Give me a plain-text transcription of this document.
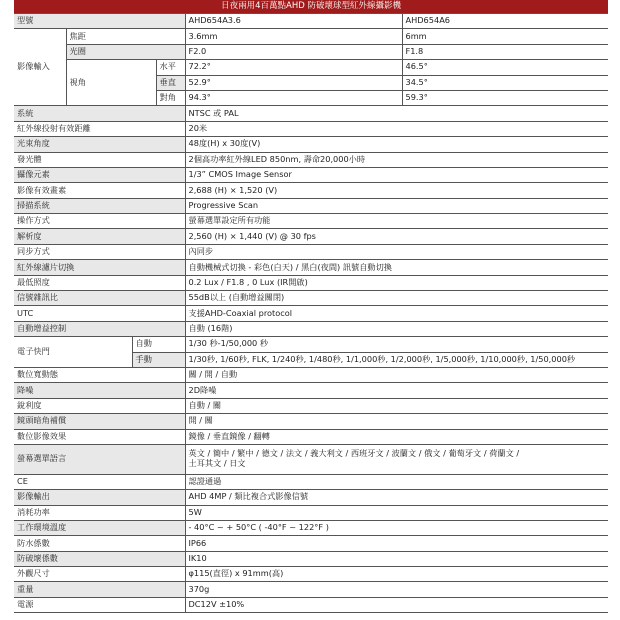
日夜兩用4百萬點AHD 防破壞球型紅外線攝影機					
型號				AHD654A3.6	AHD654A6
影像輸入	焦距			3.6mm	6mm
	光圈			F2.0	F1.8
	視角		水平	72.2°	46.5°
			垂直	52.9°	34.5°
			對角	94.3°	59.3°
系統				NTSC 或 PAL	
紅外線投射有效距離				20米	
光束角度				48度(H) x 30度(V)	
發光體				2個高功率紅外線LED 850nm, 壽命20,000小時	
攝像元素				1/3” CMOS Image Sensor	
影像有效畫素				2,688 (H) × 1,520 (V)	
掃描系統				Progressive Scan	
操作方式				螢幕選單設定所有功能	
解析度				2,560 (H) × 1,440 (V) @ 30 fps	
同步方式				內同步	
紅外線濾片切換				自動機械式切換 - 彩色(白天) / 黑白(夜間) 訊號自動切換	
最低照度				0.2 Lux / F1.8 , 0 Lux (IR開啟)	
信號雜訊比				55dB以上 (自動增益關閉)	
UTC				支援AHD-Coaxial protocol	
自動增益控制				自動 (16階)	
電子快門		自動		1/30 秒-1/50,000 秒	
		手動		1/30秒, 1/60秒, FLK, 1/240秒, 1/480秒, 1/1,000秒, 1/2,000秒, 1/5,000秒, 1/10,000秒, 1/50,000秒	
數位寬動態				關 / 開 / 自動	
降噪				2D降噪	
銳利度				自動 / 關	
鏡頭暗角補償				開 / 關	
數位影像效果				鏡像 / 垂直鏡像 / 翻轉	
螢幕選單語言				英文 / 簡中 / 繁中 / 德文 / 法文 / 義大利文 / 西班牙文 / 波蘭文 / 俄文 / 葡萄牙文 / 荷蘭文 /
土耳其文 / 日文	

CE				認證通過	
影像輸出				AHD 4MP / 類比複合式影像信號	
消耗功率				5W	
工作環境溫度				- 40°C ~ + 50°C ( -40°F ~ 122°F )	
防水係數				IP66	
防破壞係數				IK10	
外觀尺寸				φ115(直徑) x 91mm(高)	
重量				370g	
電源				DC12V ±10%	
